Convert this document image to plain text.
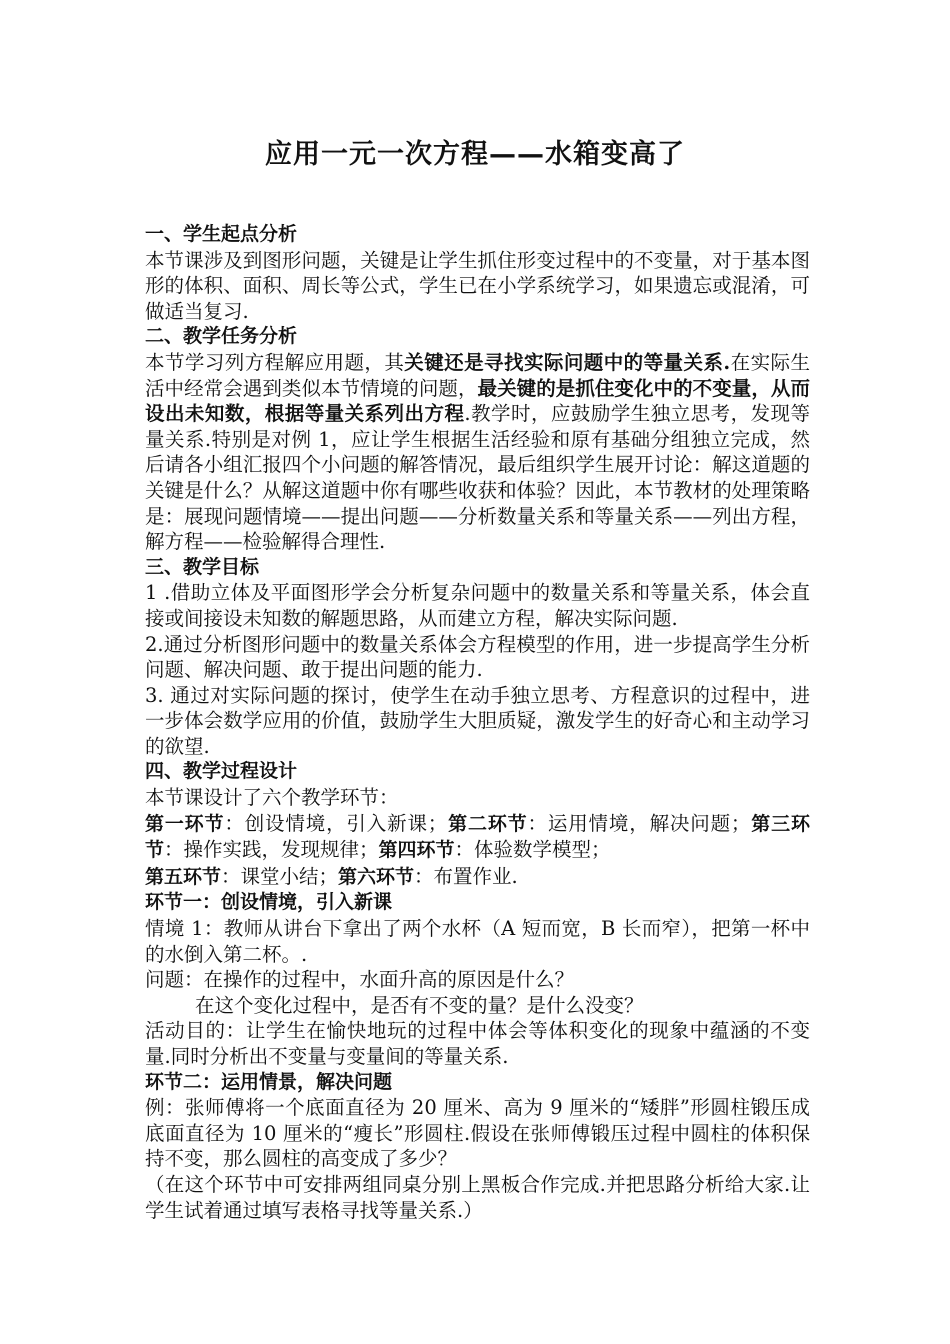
应用一元一次方程——水箱变高了

一、学生起点分析

本节课涉及到图形问题，关键是让学生抓住形变过程中的不变量，对于基本图形的体积、面积、周长等公式，学生已在小学系统学习，如果遗忘或混淆，可做适当复习.

二、教学任务分析

本节学习列方程解应用题，其关键还是寻找实际问题中的等量关系.在实际生活中经常会遇到类似本节情境的问题，最关键的是抓住变化中的不变量，从而设出未知数，根据等量关系列出方程.教学时，应鼓励学生独立思考，发现等量关系.特别是对例 1，应让学生根据生活经验和原有基础分组独立完成，然后请各小组汇报四个小问题的解答情况，最后组织学生展开讨论：解这道题的关键是什么？从解这道题中你有哪些收获和体验？因此，本节教材的处理策略是：展现问题情境——提出问题——分析数量关系和等量关系——列出方程，解方程——检验解得合理性.

三、教学目标

1 .借助立体及平面图形学会分析复杂问题中的数量关系和等量关系，体会直接或间接设未知数的解题思路，从而建立方程，解决实际问题.

2.通过分析图形问题中的数量关系体会方程模型的作用，进一步提高学生分析问题、解决问题、敢于提出问题的能力.

3. 通过对实际问题的探讨，使学生在动手独立思考、方程意识的过程中，进一步体会数学应用的价值，鼓励学生大胆质疑，激发学生的好奇心和主动学习的欲望.

四、教学过程设计

本节课设计了六个教学环节：

第一环节：创设情境，引入新课；第二环节：运用情境，解决问题；第三环节：操作实践，发现规律；第四环节：体验数学模型；

第五环节：课堂小结；第六环节：布置作业.

环节一：创设情境，引入新课

情境 1：教师从讲台下拿出了两个水杯（A 短而宽，B 长而窄），把第一杯中的水倒入第二杯。.

问题：在操作的过程中，水面升高的原因是什么？

在这个变化过程中，是否有不变的量？是什么没变？

活动目的：让学生在愉快地玩的过程中体会等体积变化的现象中蕴涵的不变量.同时分析出不变量与变量间的等量关系.

环节二：运用情景，解决问题

例：张师傅将一个底面直径为 20 厘米、高为 9 厘米的“矮胖”形圆柱锻压成底面直径为 10 厘米的“瘦长”形圆柱.假设在张师傅锻压过程中圆柱的体积保持不变，那么圆柱的高变成了多少？

（在这个环节中可安排两组同桌分别上黑板合作完成.并把思路分析给大家.让学生试着通过填写表格寻找等量关系.）
